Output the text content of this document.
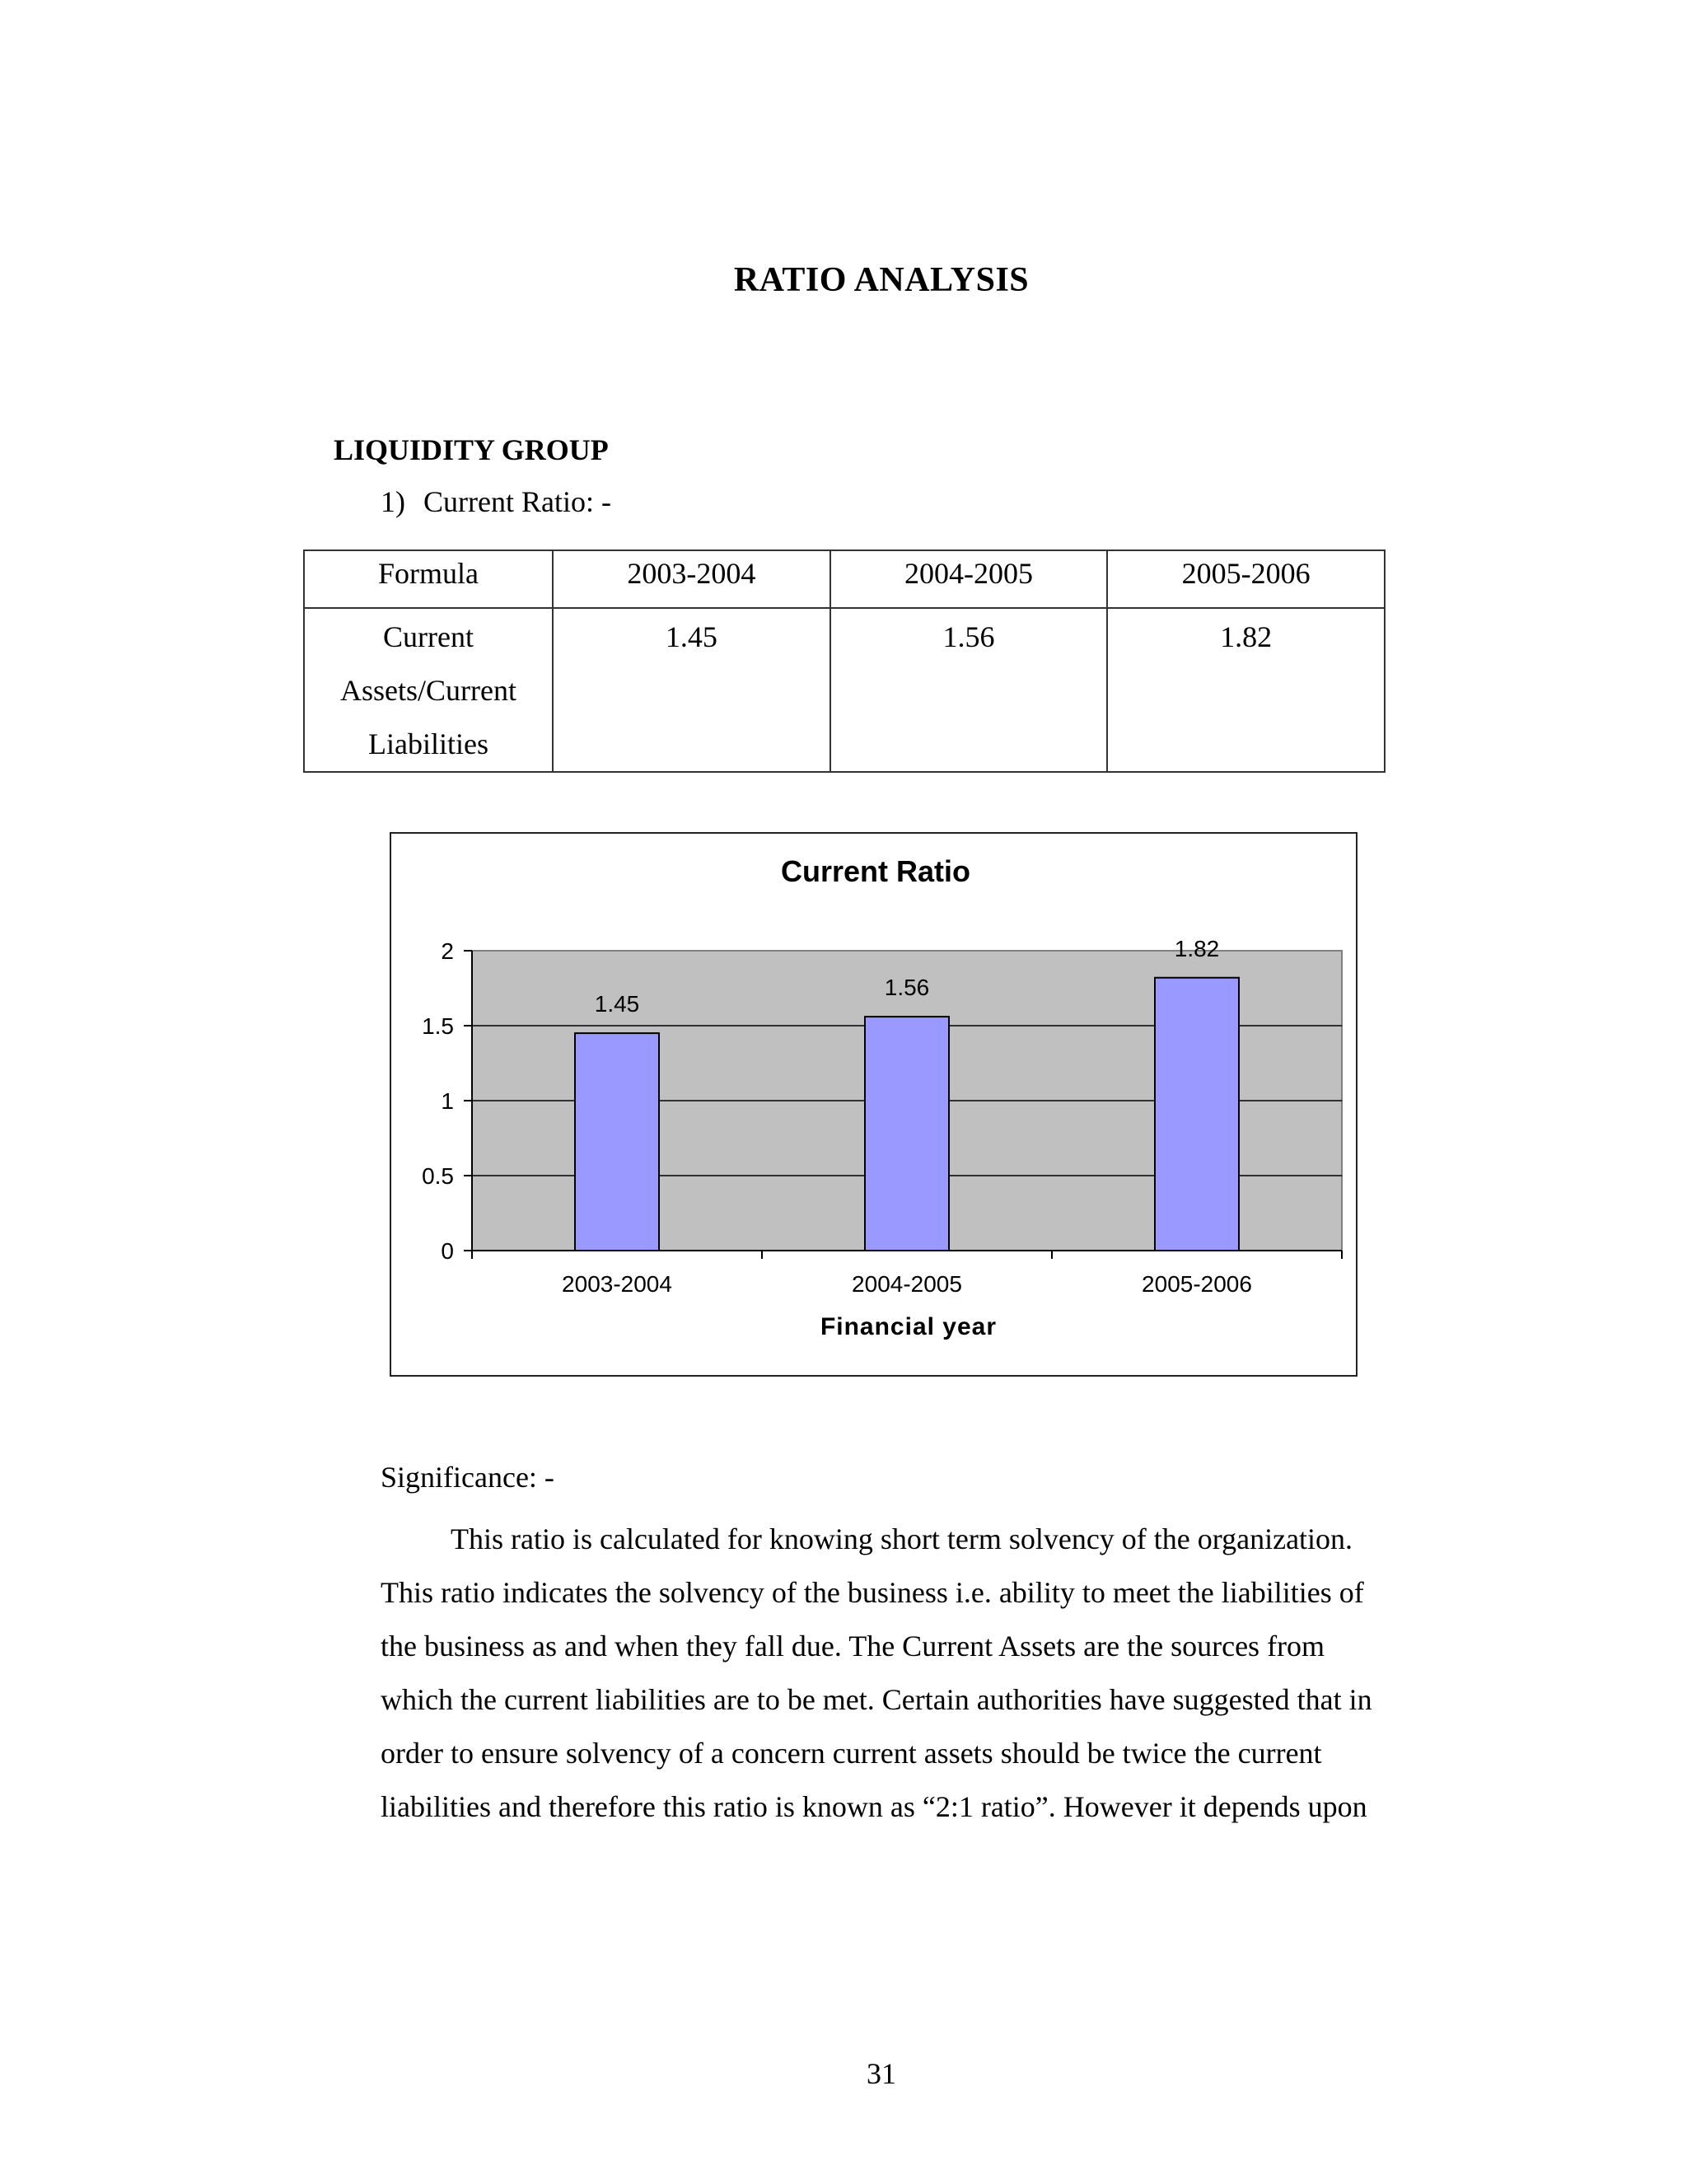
RATIO ANALYSIS
LIQUIDITY GROUP
1) Current Ratio: -
Formula	2003-2004	2004-2005	2005-2006

Current
Assets/Current
Liabilities	1.45	1.56	1.82
0
0.5
1
1.5
2
1.45
2003-2004
1.56
2004-2005
1.82
2005-2006
Current Ratio
Financial year
Significance: -
This ratio is calculated for knowing short term solvency of the organization.
This ratio indicates the solvency of the business i.e. ability to meet the liabilities of
the business as and when they fall due. The Current Assets are the sources from
which the current liabilities are to be met. Certain authorities have suggested that in
order to ensure solvency of a concern current assets should be twice the current
liabilities and therefore this ratio is known as “2:1 ratio”. However it depends upon
31
